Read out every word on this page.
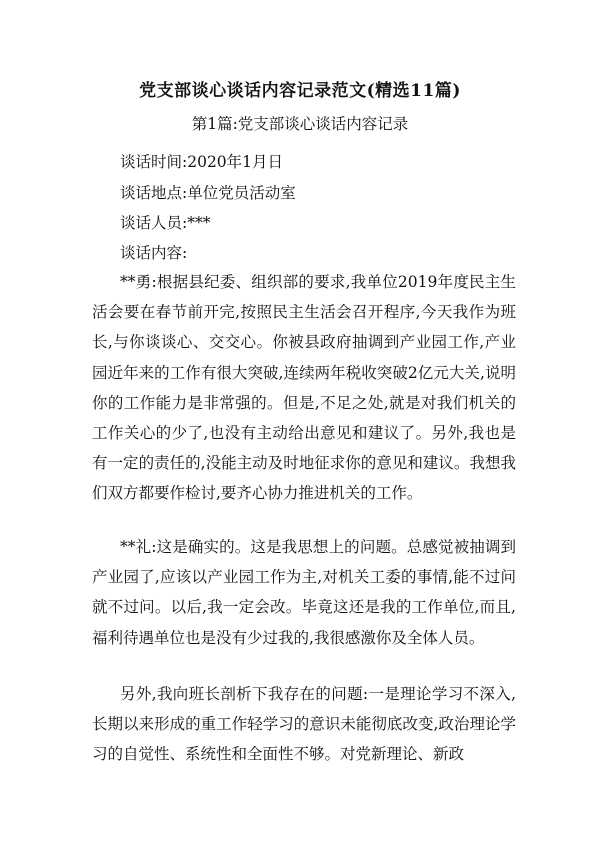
党支部谈心谈话内容记录范文(精选11篇)
第1篇:党支部谈心谈话内容记录
谈话时间:2020年1月日
谈话地点:单位党员活动室
谈话人员:***
谈话内容:

**勇:根据县纪委、组织部的要求,我单位2019年度民主生活会要在春节前开完,按照民主生活会召开程序,今天我作为班长,与你谈谈心、交交心。你被县政府抽调到产业园工作,产业园近年来的工作有很大突破,连续两年税收突破2亿元大关,说明你的工作能力是非常强的。但是,不足之处,就是对我们机关的工作关心的少了,也没有主动给出意见和建议了。另外,我也是有一定的责任的,没能主动及时地征求你的意见和建议。我想我们双方都要作检讨,要齐心协力推进机关的工作。

**礼:这是确实的。这是我思想上的问题。总感觉被抽调到产业园了,应该以产业园工作为主,对机关工委的事情,能不过问就不过问。以后,我一定会改。毕竟这还是我的工作单位,而且,福利待遇单位也是没有少过我的,我很感激你及全体人员。

另外,我向班长剖析下我存在的问题:一是理论学习不深入,长期以来形成的重工作轻学习的意识未能彻底改变,政治理论学习的自觉性、系统性和全面性不够。对党新理论、新政
